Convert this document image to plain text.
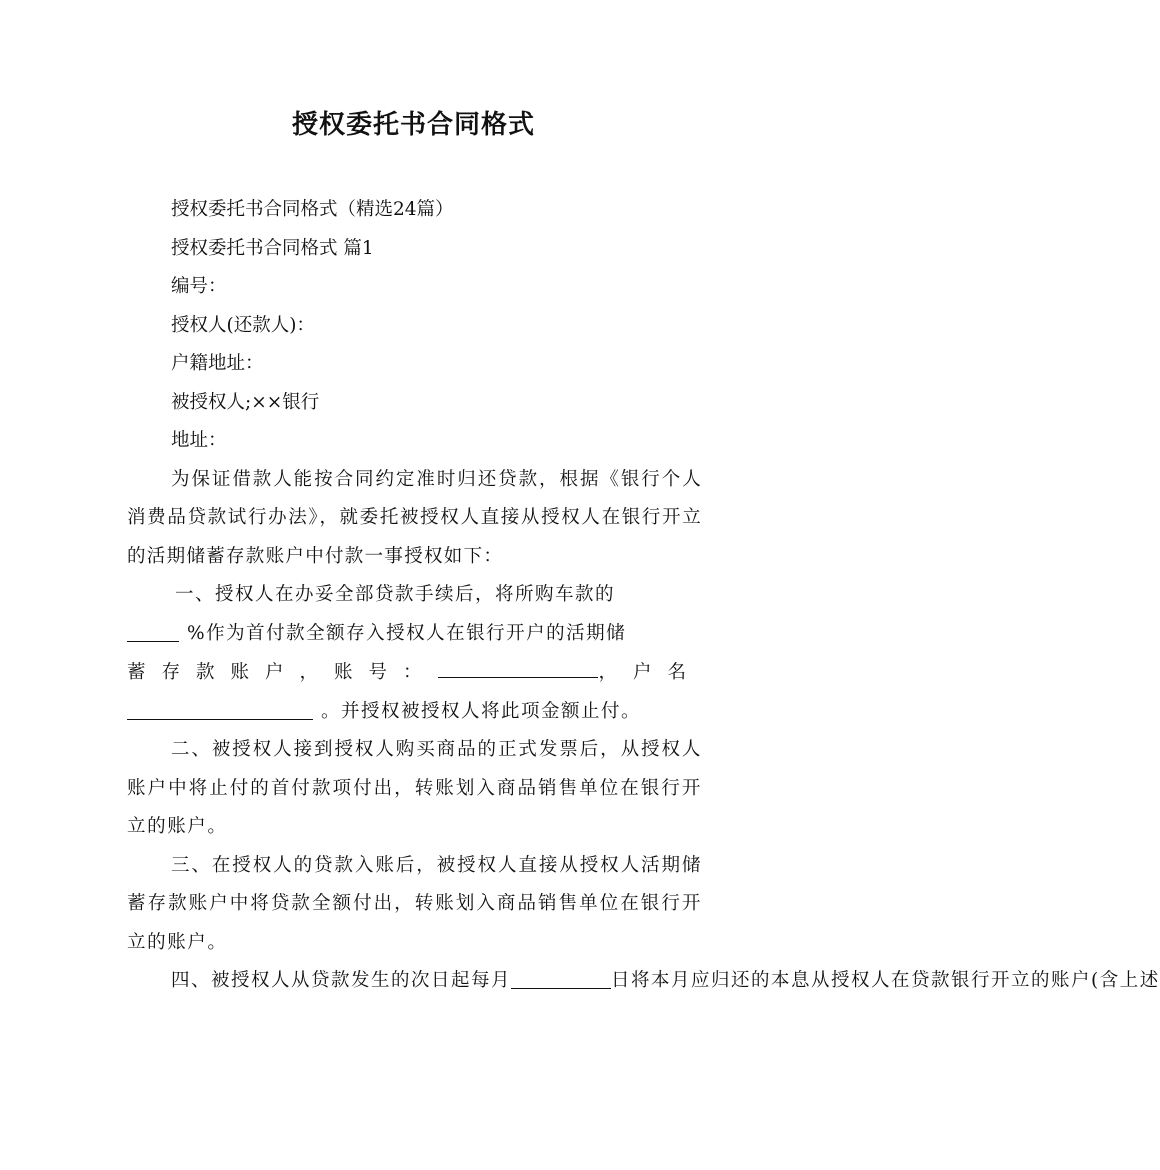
授权委托书合同格式
授权委托书合同格式（精选24篇）
授权委托书合同格式 篇1
编号：
授权人(还款人)：
户籍地址：
被授权人;××银行
地址：
为保证借款人能按合同约定准时归还贷款，根据《银行个人消费品贷款试行办法》，就委托被授权人直接从授权人在银行开立的活期储蓄存款账户中付款一事授权如下：
一、授权人在办妥全部贷款手续后，将所购车款的
%作为首付款全额存入授权人在银行开户的活期储
蓄存款账户，账号：	，户名
。并授权被授权人将此项金额止付。
二、被授权人接到授权人购买商品的正式发票后，从授权人账户中将止付的首付款项付出，转账划入商品销售单位在银行开立的账户。
三、在授权人的贷款入账后，被授权人直接从授权人活期储蓄存款账户中将贷款全额付出，转账划入商品销售单位在银行开立的账户。
四、被授权人从贷款发生的次日起每月	日将本月应归还的本息从授权人在贷款银行开立的账户(含上述
